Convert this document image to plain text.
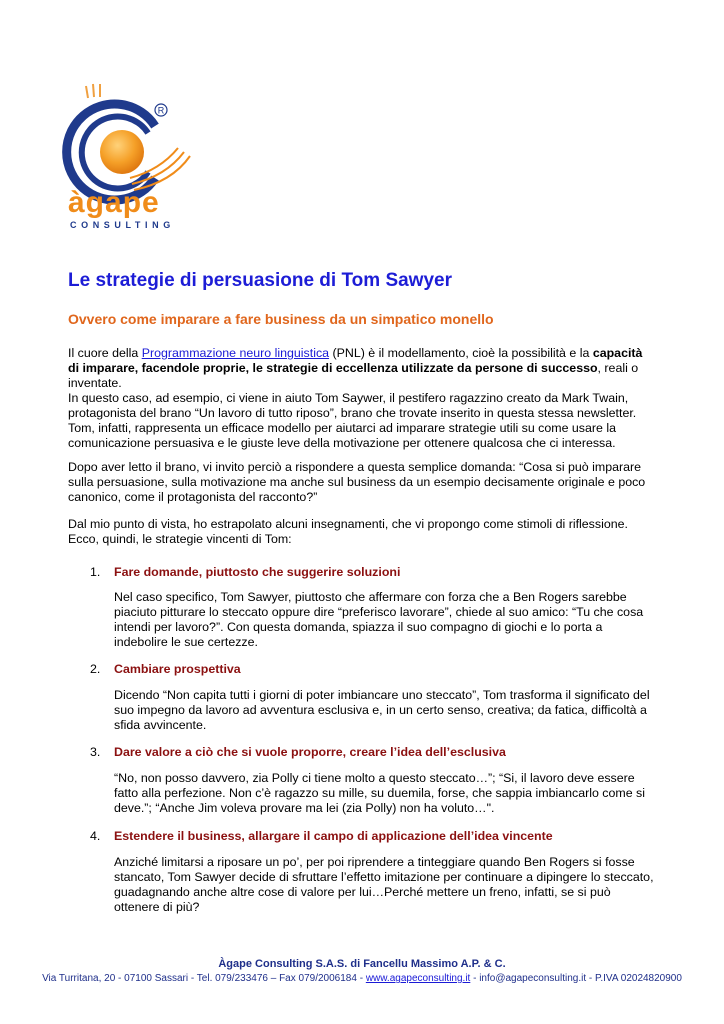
R
àgape
CONSULTING
Le strategie di persuasione di Tom Sawyer
Ovvero come imparare a fare business da un simpatico monello
Il cuore della Programmazione neuro linguistica (PNL) è il modellamento, cioè la possibilità e la capacità di imparare, facendole proprie, le strategie di eccellenza utilizzate da persone di successo, reali o inventate.
In questo caso, ad esempio, ci viene in aiuto Tom Saywer, il pestifero ragazzino creato da Mark Twain, protagonista del brano “Un lavoro di tutto riposo”, brano che trovate inserito in questa stessa newsletter. Tom, infatti, rappresenta un efficace modello per aiutarci ad imparare strategie utili su come usare la comunicazione persuasiva e le giuste leve della motivazione per ottenere qualcosa che ci interessa.
Dopo aver letto il brano, vi invito perciò a rispondere a questa semplice domanda: “Cosa si può imparare sulla persuasione, sulla motivazione ma anche sul business da un esempio decisamente originale e poco canonico, come il protagonista del racconto?”
Dal mio punto di vista, ho estrapolato alcuni insegnamenti, che vi propongo come stimoli di riflessione. Ecco, quindi, le strategie vincenti di Tom:
1. Fare domande, piuttosto che suggerire soluzioni
Nel caso specifico, Tom Sawyer, piuttosto che affermare con forza che a Ben Rogers sarebbe piaciuto pitturare lo steccato oppure dire “preferisco lavorare”, chiede al suo amico: “Tu che cosa intendi per lavoro?”. Con questa domanda, spiazza il suo compagno di giochi e lo porta a indebolire le sue certezze.
2. Cambiare prospettiva
Dicendo “Non capita tutti i giorni di poter imbiancare uno steccato”, Tom trasforma il significato del suo impegno da lavoro ad avventura esclusiva e, in un certo senso, creativa; da fatica, difficoltà a sfida avvincente.
3. Dare valore a ciò che si vuole proporre, creare l’idea dell’esclusiva
“No, non posso davvero, zia Polly ci tiene molto a questo steccato…”; “Si, il lavoro deve essere fatto alla perfezione. Non c’è ragazzo su mille, su duemila, forse, che sappia imbiancarlo come si deve.”; “Anche Jim voleva provare ma lei (zia Polly) non ha voluto…".
4. Estendere il business, allargare il campo di applicazione dell’idea vincente
Anziché limitarsi a riposare un po’, per poi riprendere a tinteggiare quando Ben Rogers si fosse stancato, Tom Sawyer decide di sfruttare l’effetto imitazione per continuare a dipingere lo steccato, guadagnando anche altre cose di valore per lui…Perché mettere un freno, infatti, se si può ottenere di più?
Àgape Consulting S.A.S. di Fancellu Massimo A.P. & C.
Via Turritana, 20 - 07100 Sassari - Tel. 079/233476 – Fax 079/2006184 - www.agapeconsulting.it - info@agapeconsulting.it - P.IVA 02024820900
